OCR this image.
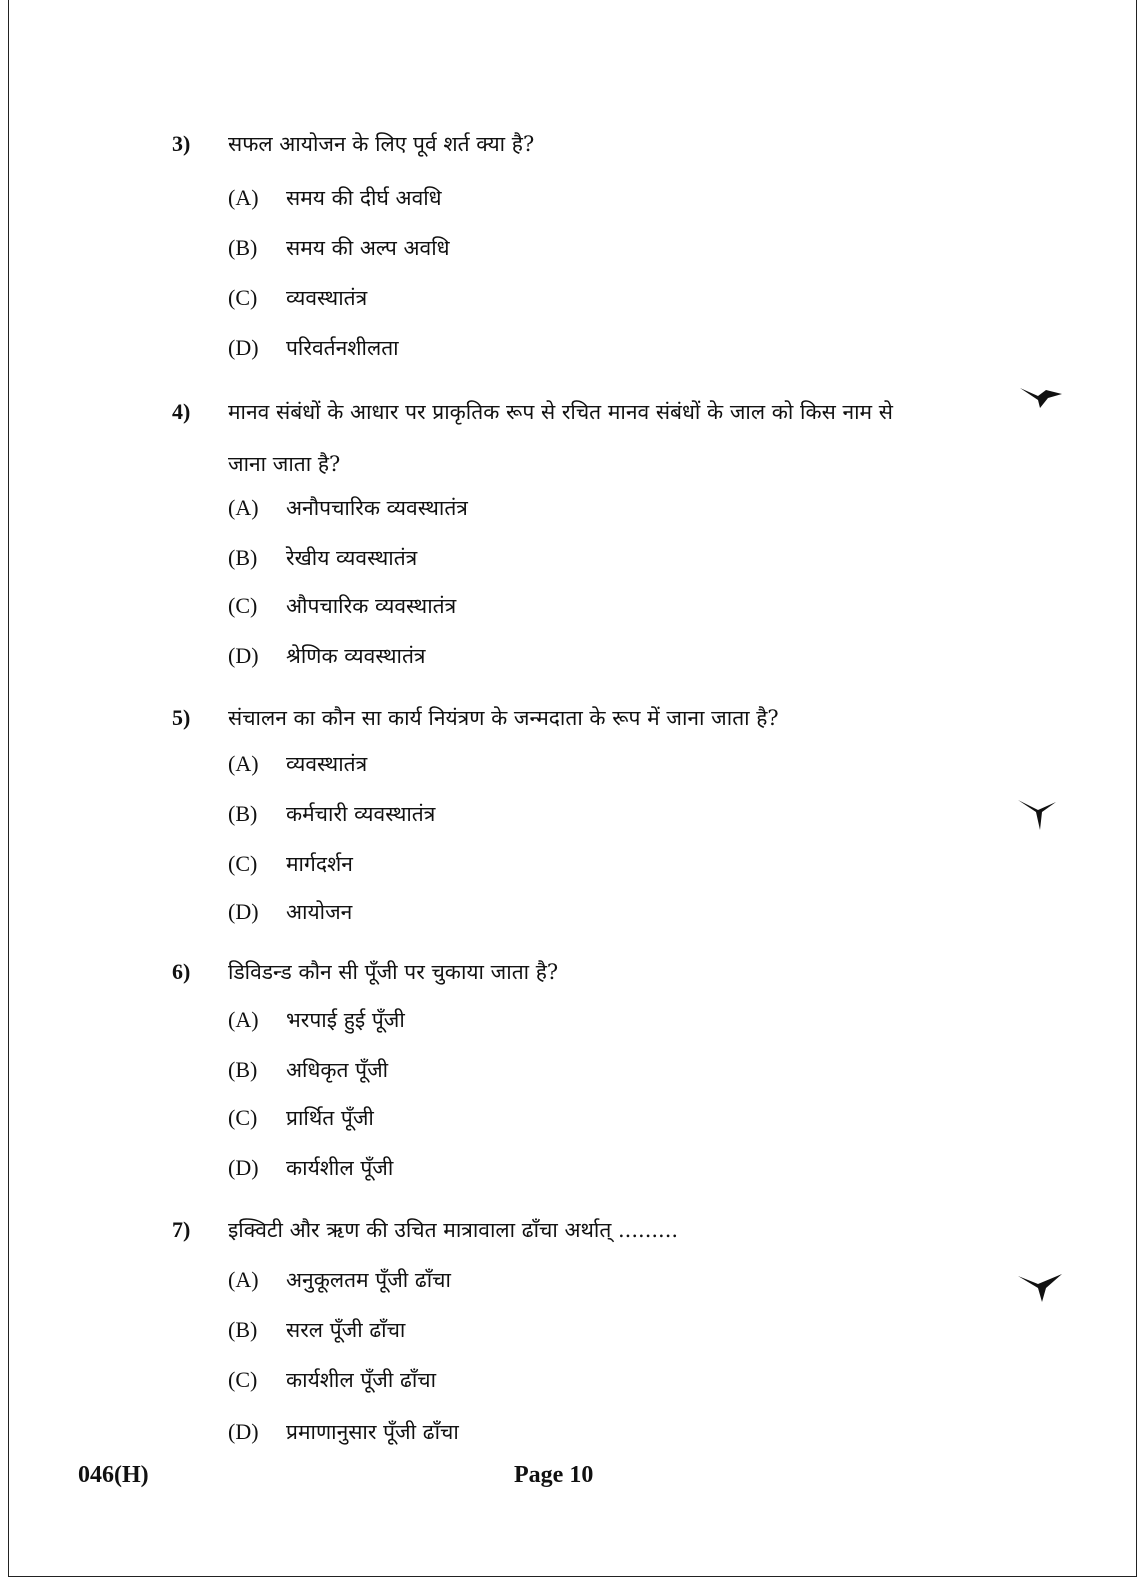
3) सफल आयोजन के लिए पूर्व शर्त क्या है?
(A) समय की दीर्घ अवधि
(B) समय की अल्प अवधि
(C) व्यवस्थातंत्र
(D) परिवर्तनशीलता
4) मानव संबंधों के आधार पर प्राकृतिक रूप से रचित मानव संबंधों के जाल को किस नाम से जाना जाता है?
(A) अनौपचारिक व्यवस्थातंत्र
(B) रेखीय व्यवस्थातंत्र
(C) औपचारिक व्यवस्थातंत्र
(D) श्रेणिक व्यवस्थातंत्र
5) संचालन का कौन सा कार्य नियंत्रण के जन्मदाता के रूप में जाना जाता है?
(A) व्यवस्थातंत्र
(B) कर्मचारी व्यवस्थातंत्र
(C) मार्गदर्शन
(D) आयोजन
6) डिविडन्ड कौन सी पूँजी पर चुकाया जाता है?
(A) भरपाई हुई पूँजी
(B) अधिकृत पूँजी
(C) प्रार्थित पूँजी
(D) कार्यशील पूँजी
7) इक्विटी और ऋण की उचित मात्रावाला ढाँचा अर्थात् .........
(A) अनुकूलतम पूँजी ढाँचा
(B) सरल पूँजी ढाँचा
(C) कार्यशील पूँजी ढाँचा
(D) प्रमाणानुसार पूँजी ढाँचा
046(H)	Page 10
